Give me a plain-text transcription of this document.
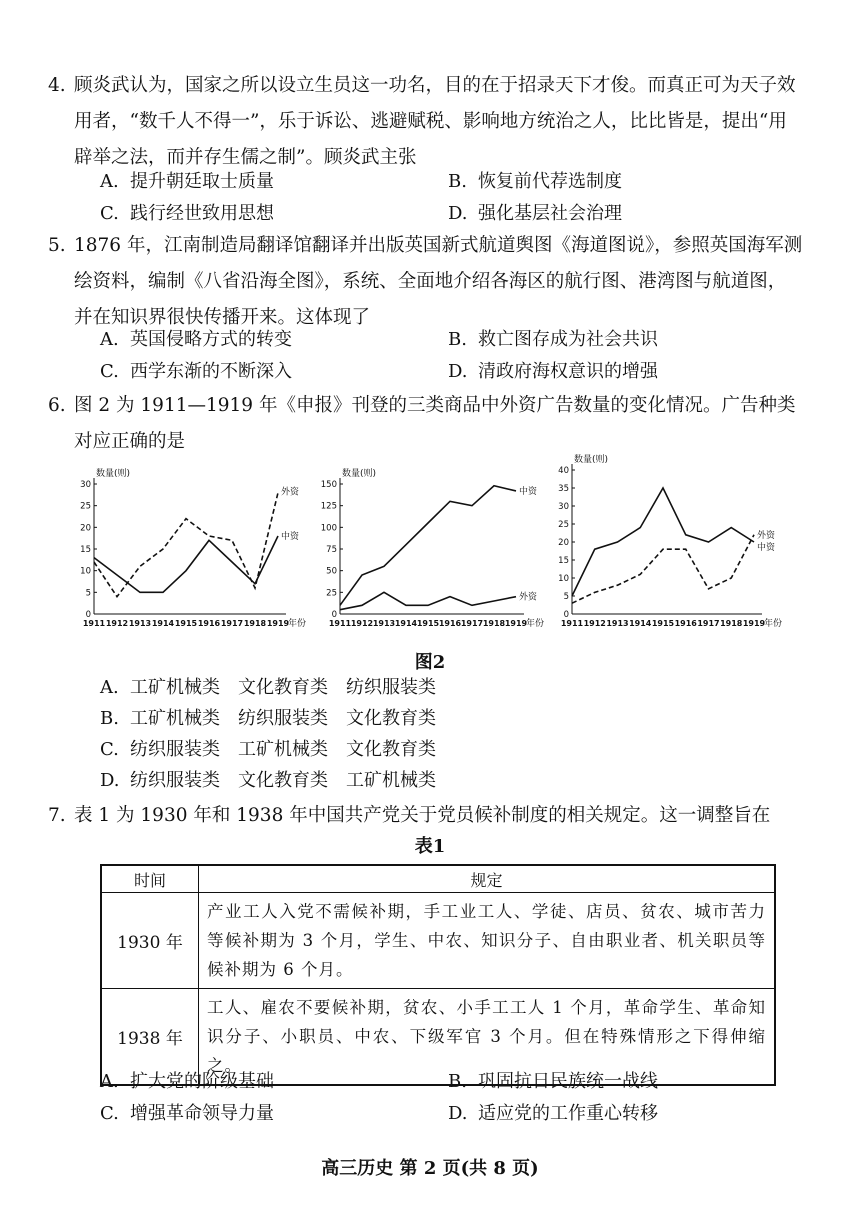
4. 顾炎武认为，国家之所以设立生员这一功名，目的在于招录天下才俊。而真正可为天子效用者，“数千人不得一”，乐于诉讼、逃避赋税、影响地方统治之人，比比皆是，提出“用辟举之法，而并存生儒之制”。顾炎武主张
A. 提升朝廷取士质量	B. 恢复前代荐选制度
C. 践行经世致用思想	D. 强化基层社会治理
5. 1876 年，江南制造局翻译馆翻译并出版英国新式航道舆图《海道图说》，参照英国海军测绘资料，编制《八省沿海全图》，系统、全面地介绍各海区的航行图、港湾图与航道图，并在知识界很快传播开来。这体现了
A. 英国侵略方式的转变	B. 救亡图存成为社会共识
C. 西学东渐的不断深入	D. 清政府海权意识的增强
6. 图 2 为 1911—1919 年《申报》刊登的三类商品中外资广告数量的变化情况。广告种类对应正确的是
0
5
10
15
20
25
30
1911 1912 1913 1914 1915 1916 1917 1918 1919
数量(则)
年份
外资
中资
0
25
50
75
100
125
150
1911 1912 1913 1914 1915 1916 1917 1918 1919
数量(则)
年份
中资
外资
0
5
10
15
20
25
30
35
40
1911 1912 1913 1914 1915 1916 1917 1918 1919
数量(则)
年份
外资
中资
图2
A. 工矿机械类 文化教育类 纺织服装类
B. 工矿机械类 纺织服装类 文化教育类
C. 纺织服装类 工矿机械类 文化教育类
D. 纺织服装类 文化教育类 工矿机械类
7. 表 1 为 1930 年和 1938 年中国共产党关于党员候补制度的相关规定。这一调整旨在
表1
时间	规定
1930 年	产业工人入党不需候补期，手工业工人、学徒、店员、贫农、城市苦力等候补期为 3 个月，学生、中农、知识分子、自由职业者、机关职员等候补期为 6 个月。
1938 年	工人、雇农不要候补期，贫农、小手工工人 1 个月，革命学生、革命知识分子、小职员、中农、下级军官 3 个月。但在特殊情形之下得伸缩之。
A. 扩大党的阶级基础	B. 巩固抗日民族统一战线
C. 增强革命领导力量	D. 适应党的工作重心转移
高三历史 第 2 页(共 8 页)
